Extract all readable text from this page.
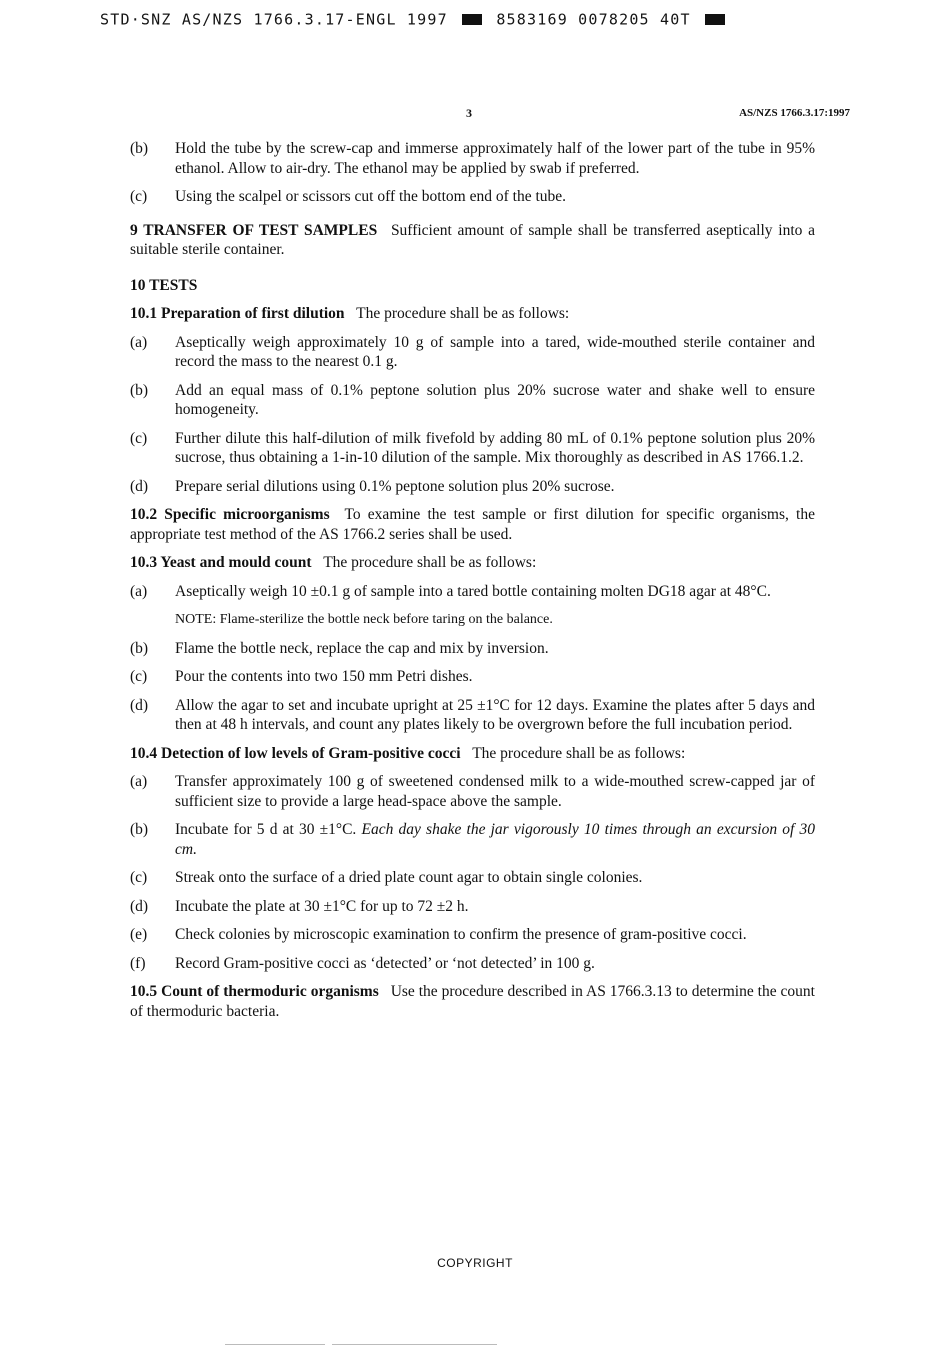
STD·SNZ AS/NZS 1766.3.17-ENGL 1997	8583169 0078205 40T
3	AS/NZS 1766.3.17:1997
(b) Hold the tube by the screw-cap and immerse approximately half of the lower part of the tube in 95% ethanol. Allow to air-dry. The ethanol may be applied by swab if preferred.
(c) Using the scalpel or scissors cut off the bottom end of the tube.
9 TRANSFER OF TEST SAMPLES Sufficient amount of sample shall be transferred aseptically into a suitable sterile container.
10 TESTS
10.1 Preparation of first dilution The procedure shall be as follows:
(a) Aseptically weigh approximately 10 g of sample into a tared, wide-mouthed sterile container and record the mass to the nearest 0.1 g.
(b) Add an equal mass of 0.1% peptone solution plus 20% sucrose water and shake well to ensure homogeneity.
(c) Further dilute this half-dilution of milk fivefold by adding 80 mL of 0.1% peptone solution plus 20% sucrose, thus obtaining a 1-in-10 dilution of the sample. Mix thoroughly as described in AS 1766.1.2.
(d) Prepare serial dilutions using 0.1% peptone solution plus 20% sucrose.
10.2 Specific microorganisms To examine the test sample or first dilution for specific organisms, the appropriate test method of the AS 1766.2 series shall be used.
10.3 Yeast and mould count The procedure shall be as follows:
(a) Aseptically weigh 10 ±0.1 g of sample into a tared bottle containing molten DG18 agar at 48°C.
NOTE: Flame-sterilize the bottle neck before taring on the balance.
(b) Flame the bottle neck, replace the cap and mix by inversion.
(c) Pour the contents into two 150 mm Petri dishes.
(d) Allow the agar to set and incubate upright at 25 ±1°C for 12 days. Examine the plates after 5 days and then at 48 h intervals, and count any plates likely to be overgrown before the full incubation period.
10.4 Detection of low levels of Gram-positive cocci The procedure shall be as follows:
(a) Transfer approximately 100 g of sweetened condensed milk to a wide-mouthed screw-capped jar of sufficient size to provide a large head-space above the sample.
(b) Incubate for 5 d at 30 ±1°C. Each day shake the jar vigorously 10 times through an excursion of 30 cm.
(c) Streak onto the surface of a dried plate count agar to obtain single colonies.
(d) Incubate the plate at 30 ±1°C for up to 72 ±2 h.
(e) Check colonies by microscopic examination to confirm the presence of gram-positive cocci.
(f) Record Gram-positive cocci as ‘detected’ or ‘not detected’ in 100 g.
10.5 Count of thermoduric organisms Use the procedure described in AS 1766.3.13 to determine the count of thermoduric bacteria.
COPYRIGHT
